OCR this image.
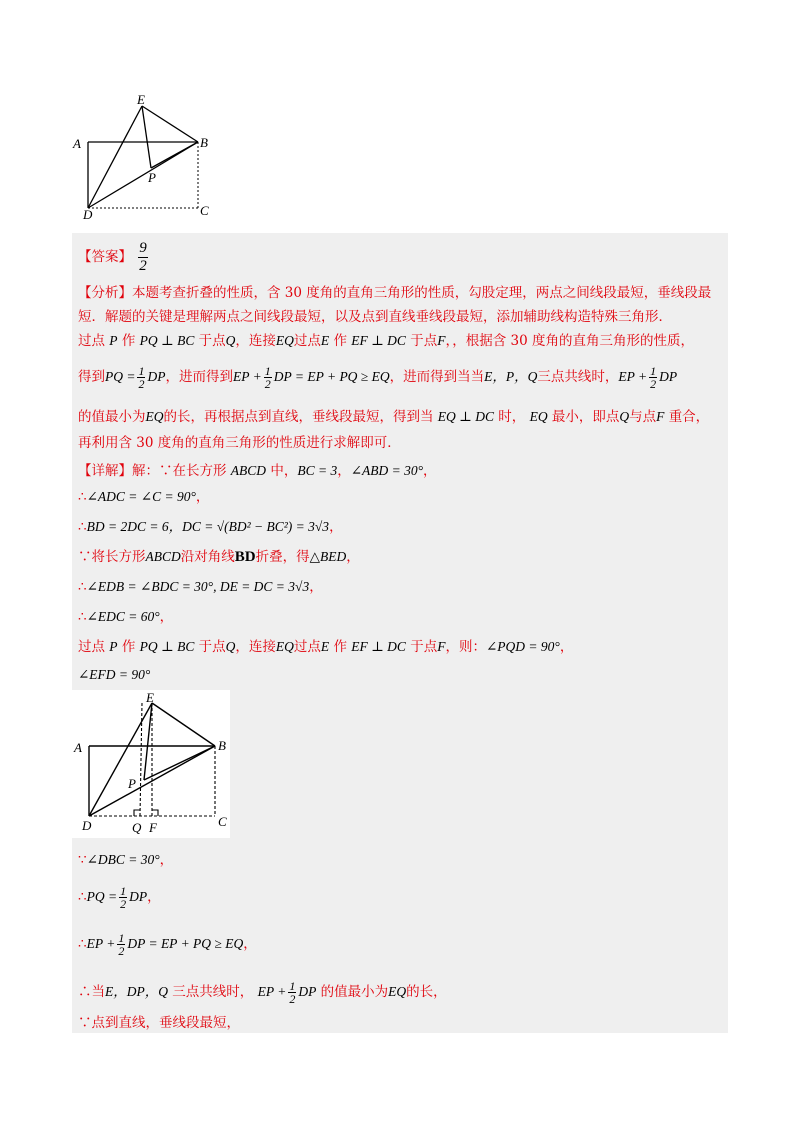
E
A	B
P
D	C
【答案】 $\frac{9}{2}$
【分析】本题考查折叠的性质，含 30 度角的直角三角形的性质，勾股定理，两点之间线段最短，垂线段最
短．解题的关键是理解两点之间线段最短，以及点到直线垂线段最短，添加辅助线构造特殊三角形．
过点 P 作 PQ ⊥ BC 于点Q，连接EQ过点E 作 EF ⊥ DC 于点F，，根据含 30 度角的直角三角形的性质，
得到PQ = $\frac{1}{2}$ DP，进而得到EP + $\frac{1}{2}$ DP = EP + PQ ≥ EQ，进而得到当当E，P，Q三点共线时，EP + $\frac{1}{2}$ DP
的值最小为EQ的长，再根据点到直线，垂线段最短，得到当 EQ ⊥ DC 时， EQ 最小，即点Q与点F 重合，
再利用含 30 度角的直角三角形的性质进行求解即可．
【详解】解：∵在长方形 ABCD 中，BC = 3，∠ABD = 30°，
∴∠ADC = ∠C = 90°，
∴BD = 2DC = 6，DC = √(BD² − BC²) = 3√3，
∵将长方形ABCD沿对角线BD折叠，得△BED，
∴∠EDB = ∠BDC = 30°, DE = DC = 3√3，
∴∠EDC = 60°，
过点 P 作 PQ ⊥ BC 于点Q，连接EQ过点E 作 EF ⊥ DC 于点F，则：∠PQD = 90°，
∠EFD = 90°
E
A	B
P
D	Q F	C
∵∠DBC = 30°，
∴PQ = $\frac{1}{2}$ DP，
∴EP + $\frac{1}{2}$ DP = EP + PQ ≥ EQ，
∴当E，DP，Q 三点共线时， EP + $\frac{1}{2}$ DP 的值最小为EQ的长，
∵点到直线，垂线段最短，
